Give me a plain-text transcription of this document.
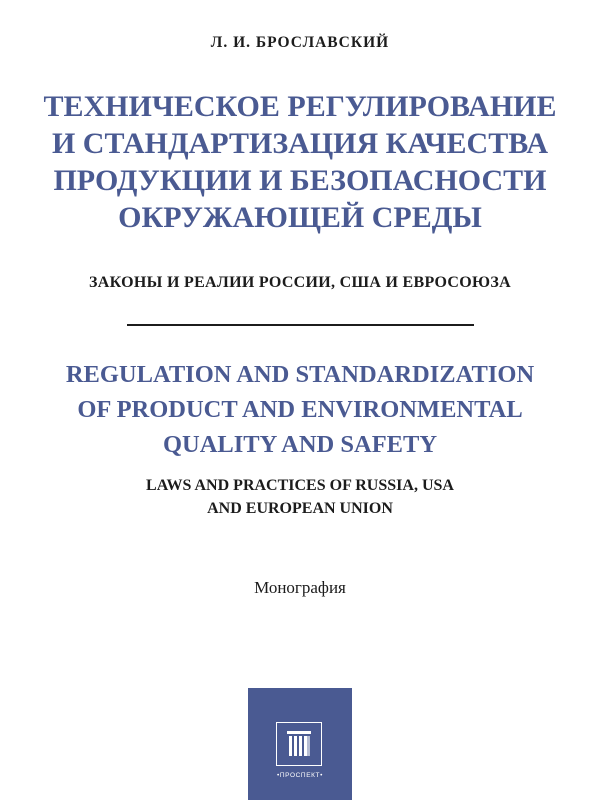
Л. И. БРОСЛАВСКИЙ
ТЕХНИЧЕСКОЕ РЕГУЛИРОВАНИЕ
И СТАНДАРТИЗАЦИЯ КАЧЕСТВА
ПРОДУКЦИИ И БЕЗОПАСНОСТИ
ОКРУЖАЮЩЕЙ СРЕДЫ
ЗАКОНЫ И РЕАЛИИ РОССИИ, США И ЕВРОСОЮЗА
REGULATION AND STANDARDIZATION
OF PRODUCT AND ENVIRONMENTAL
QUALITY AND SAFETY
LAWS AND PRACTICES OF RUSSIA, USA
AND EUROPEAN UNION
Монография
•ПРОСПЕКТ•
